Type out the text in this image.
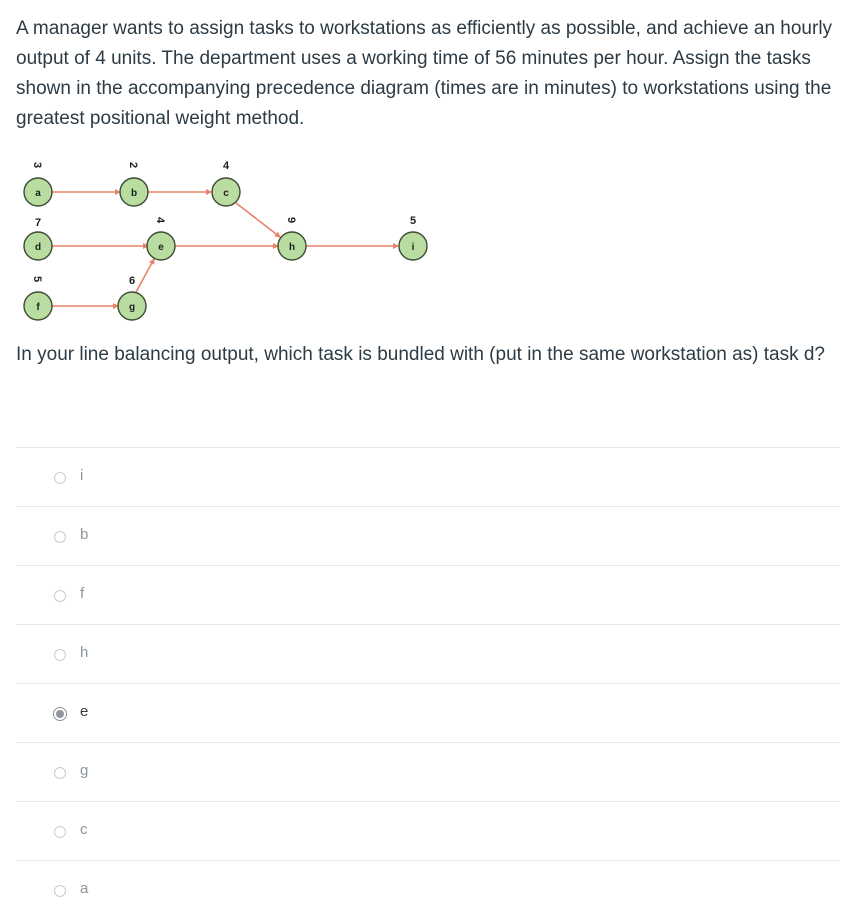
A manager wants to assign tasks to workstations as efficiently as possible, and achieve an hourly output of 4 units. The department uses a working time of 56 minutes per hour. Assign the tasks shown in the accompanying precedence diagram (times are in minutes) to workstations using the greatest positional weight method.

3
a
2
b
4
c
7
d
4
e
9
h
5
i
5
f
6
g

In your line balancing output, which task is bundled with (put in the same workstation as) task d?

i
b
f
h
e
g
c
a
